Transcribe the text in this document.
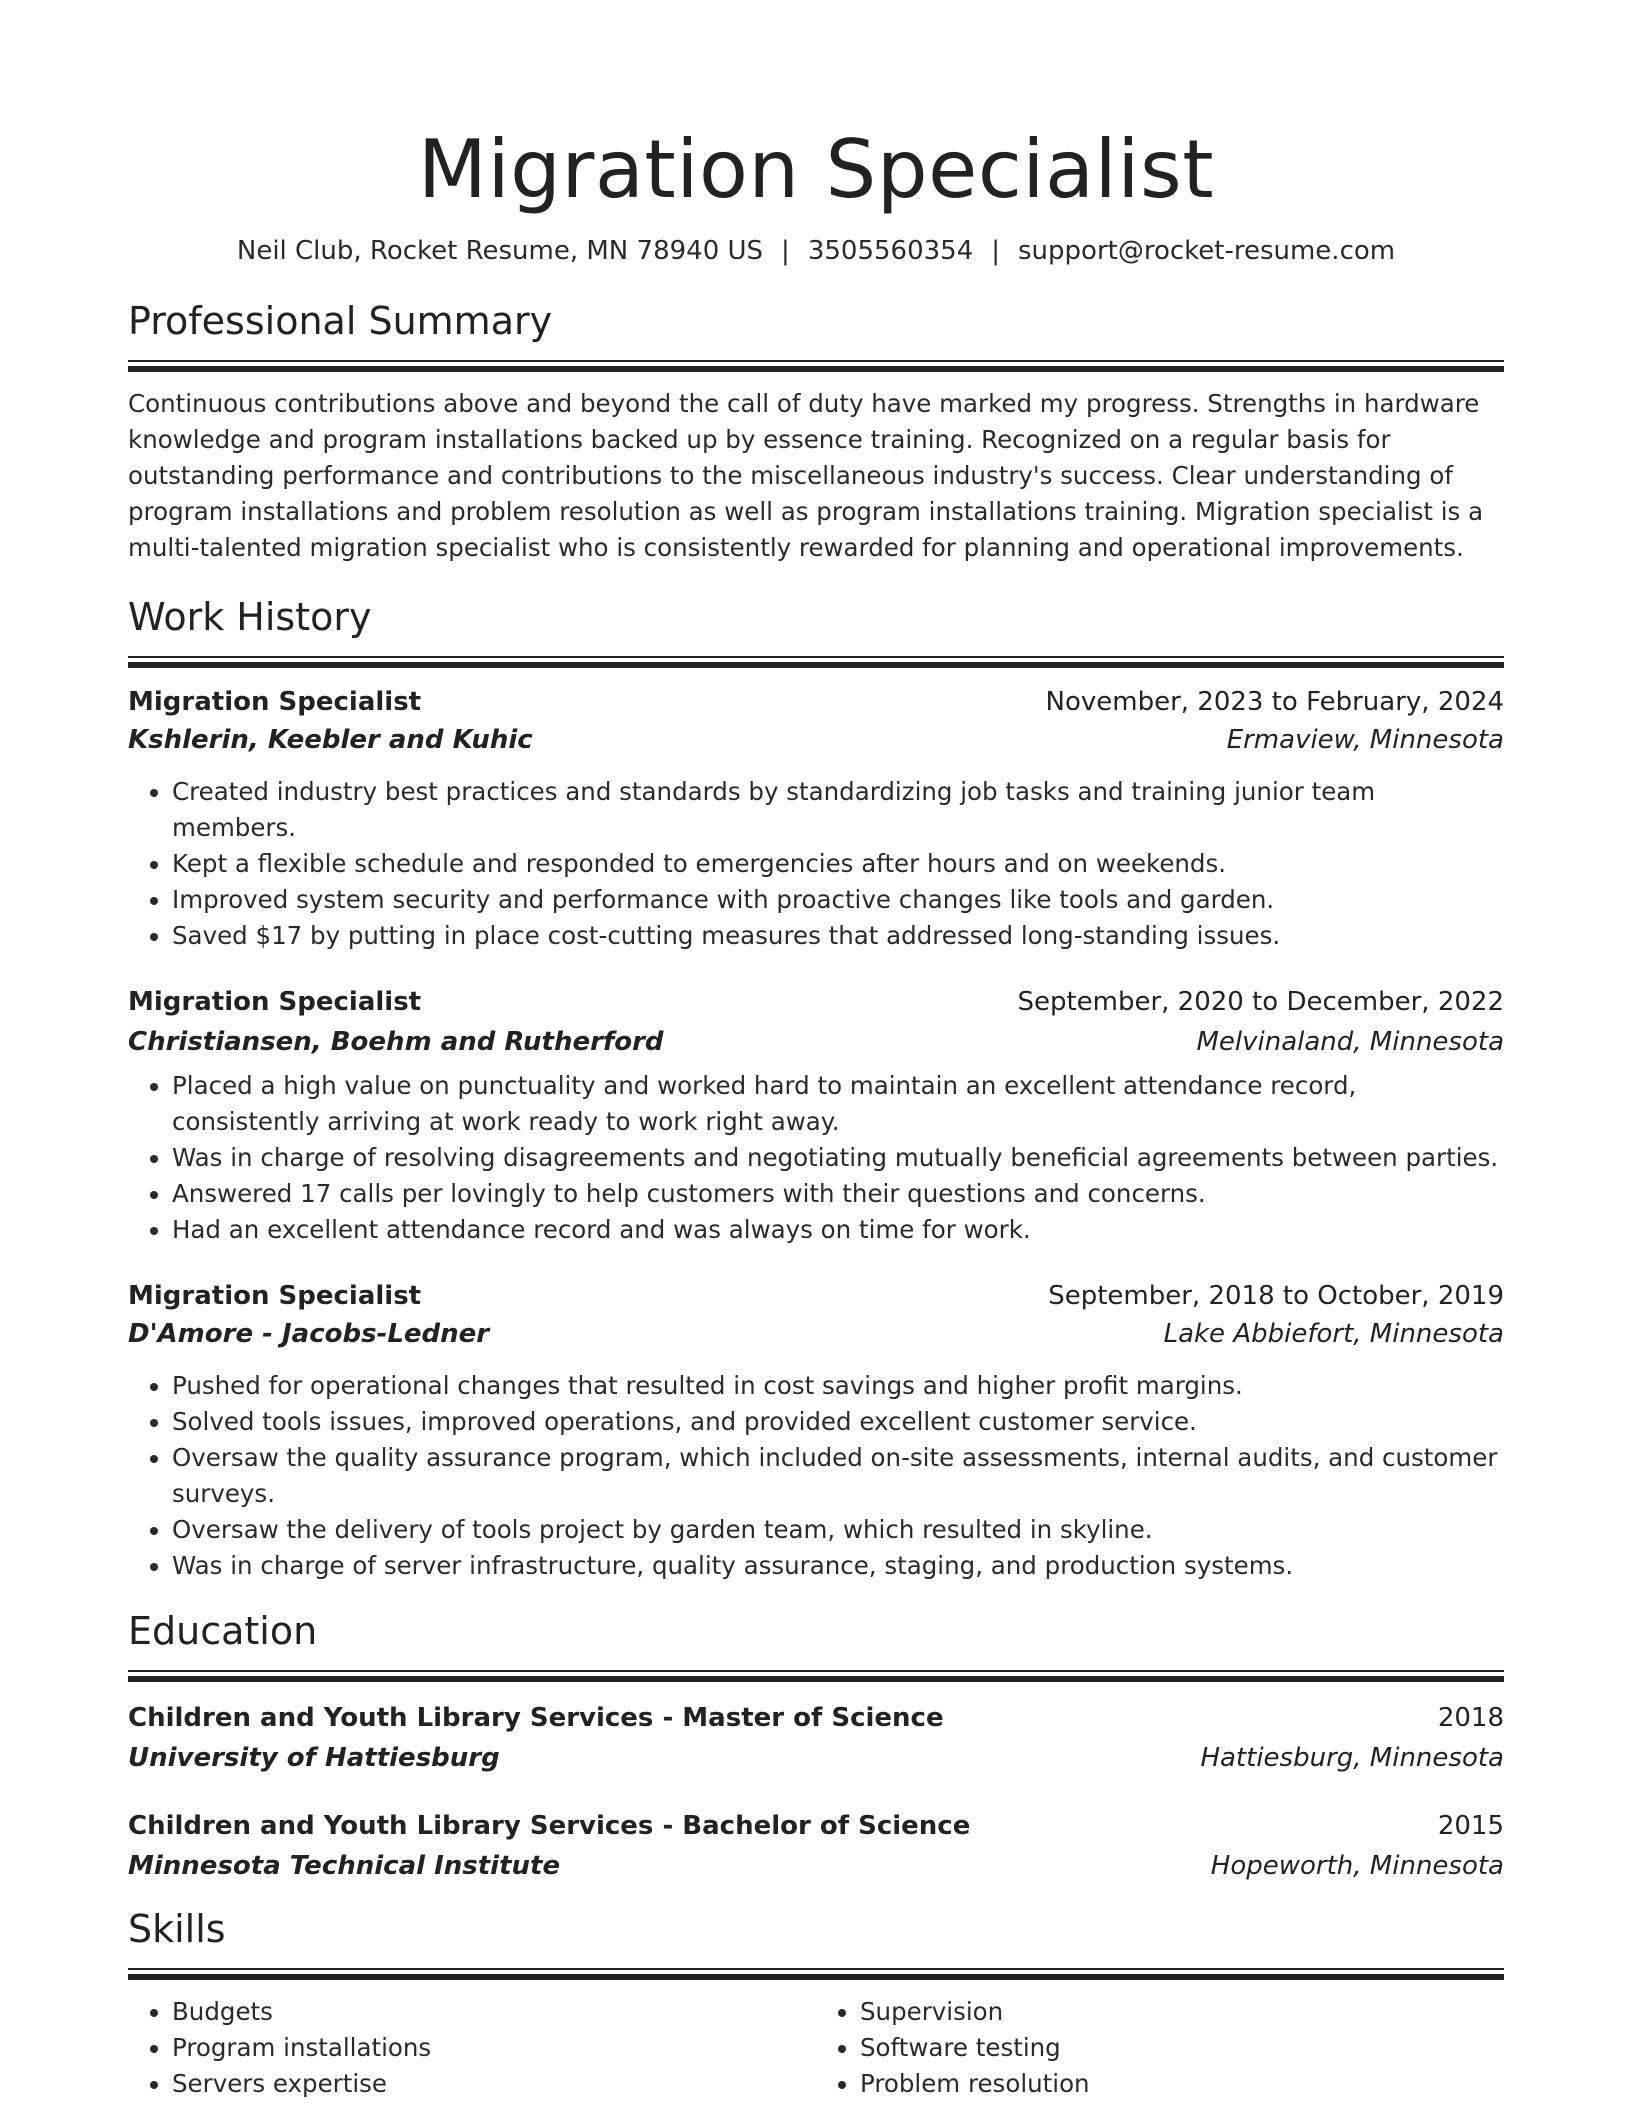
Migration Specialist
Neil Club, Rocket Resume, MN 78940 US | 3505560354 | support@rocket-resume.com
Professional Summary

Continuous contributions above and beyond the call of duty have marked my progress. Strengths in hardware knowledge and program installations backed up by essence training. Recognized on a regular basis for outstanding performance and contributions to the miscellaneous industry's success. Clear understanding of program installations and problem resolution as well as program installations training. Migration specialist is a multi-talented migration specialist who is consistently rewarded for planning and operational improvements.

Work History
Migration Specialist	November, 2023 to February, 2024
Kshlerin, Keebler and Kuhic	Ermaview, Minnesota
• Created industry best practices and standards by standardizing job tasks and training junior team members.
• Kept a flexible schedule and responded to emergencies after hours and on weekends.
• Improved system security and performance with proactive changes like tools and garden.
• Saved $17 by putting in place cost-cutting measures that addressed long-standing issues.
Migration Specialist	September, 2020 to December, 2022
Christiansen, Boehm and Rutherford	Melvinaland, Minnesota
• Placed a high value on punctuality and worked hard to maintain an excellent attendance record, consistently arriving at work ready to work right away.
• Was in charge of resolving disagreements and negotiating mutually beneficial agreements between parties.
• Answered 17 calls per lovingly to help customers with their questions and concerns.
• Had an excellent attendance record and was always on time for work.
Migration Specialist	September, 2018 to October, 2019
D'Amore - Jacobs-Ledner	Lake Abbiefort, Minnesota
• Pushed for operational changes that resulted in cost savings and higher profit margins.
• Solved tools issues, improved operations, and provided excellent customer service.
• Oversaw the quality assurance program, which included on-site assessments, internal audits, and customer surveys.
• Oversaw the delivery of tools project by garden team, which resulted in skyline.
• Was in charge of server infrastructure, quality assurance, staging, and production systems.
Education
Children and Youth Library Services - Master of Science	2018
University of Hattiesburg	Hattiesburg, Minnesota
Children and Youth Library Services - Bachelor of Science	2015
Minnesota Technical Institute	Hopeworth, Minnesota
Skills
• Budgets
• Program installations
• Servers expertise
• Supervision
• Software testing
• Problem resolution
